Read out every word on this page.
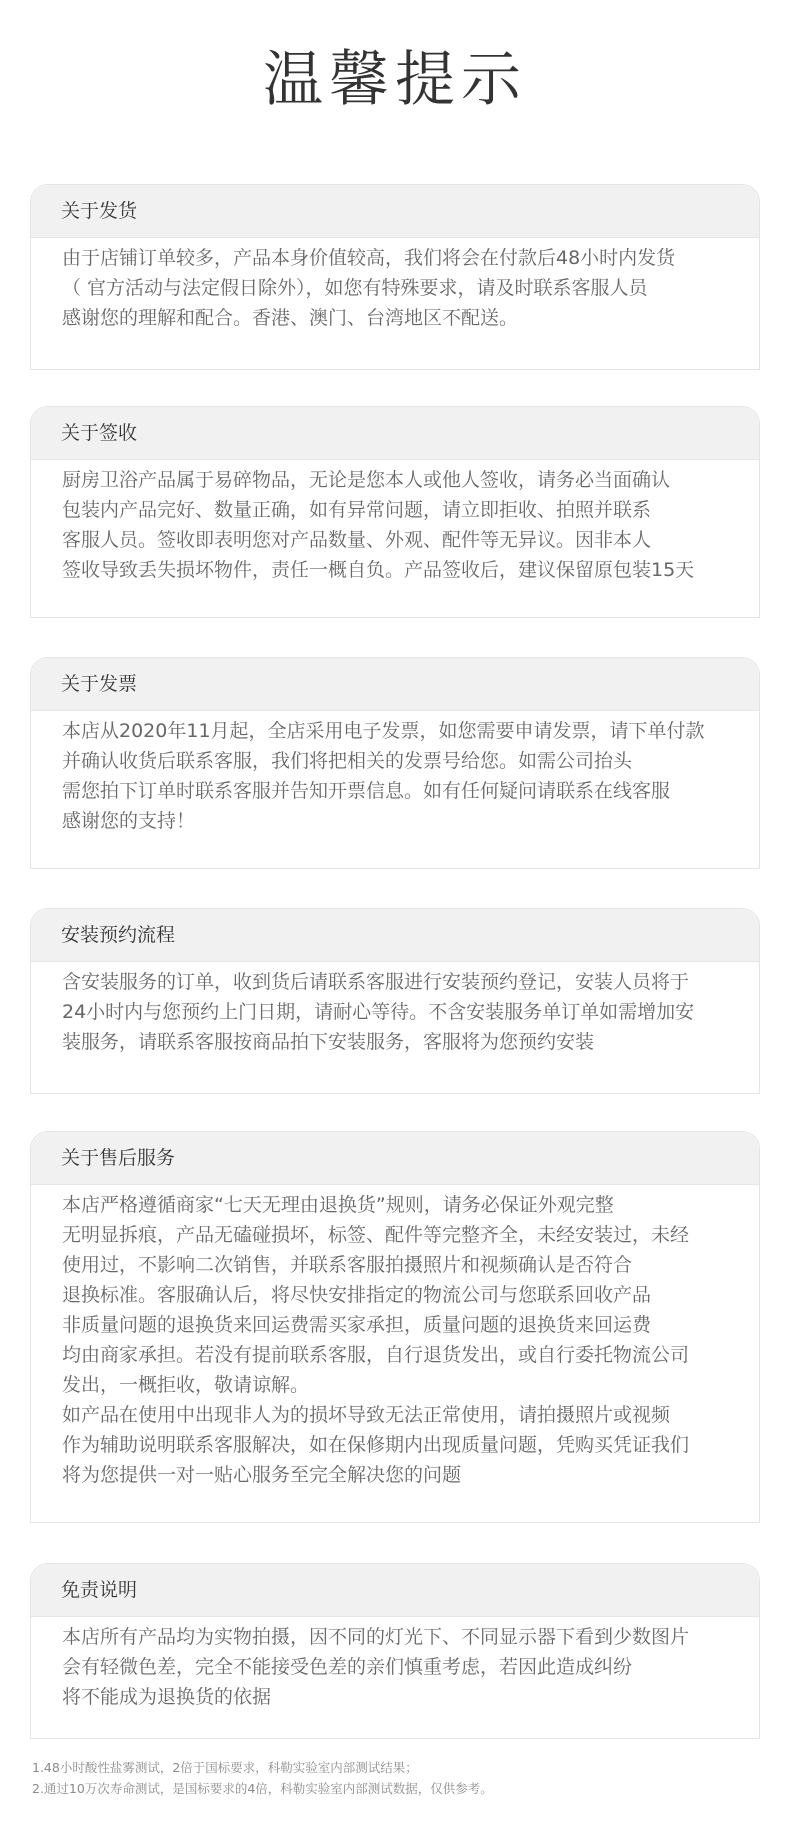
温馨提示
关于发货
由于店铺订单较多，产品本身价值较高，我们将会在付款后48小时内发货
（ 官方活动与法定假日除外），如您有特殊要求，请及时联系客服人员
感谢您的理解和配合。香港、澳门、台湾地区不配送。
关于签收
厨房卫浴产品属于易碎物品，无论是您本人或他人签收，请务必当面确认
包装内产品完好、数量正确，如有异常问题，请立即拒收、拍照并联系
客服人员。签收即表明您对产品数量、外观、配件等无异议。因非本人
签收导致丢失损坏物件，责任一概自负。产品签收后，建议保留原包装15天
关于发票
本店从2020年11月起，全店采用电子发票，如您需要申请发票，请下单付款
并确认收货后联系客服，我们将把相关的发票号给您。如需公司抬头
需您拍下订单时联系客服并告知开票信息。如有任何疑问请联系在线客服
感谢您的支持！
安装预约流程
含安装服务的订单，收到货后请联系客服进行安装预约登记，安装人员将于
24小时内与您预约上门日期，请耐心等待。不含安装服务单订单如需增加安
装服务，请联系客服按商品拍下安装服务，客服将为您预约安装
关于售后服务
本店严格遵循商家“七天无理由退换货”规则，请务必保证外观完整
无明显拆痕，产品无磕碰损坏，标签、配件等完整齐全，未经安装过，未经
使用过，不影响二次销售，并联系客服拍摄照片和视频确认是否符合
退换标准。客服确认后，将尽快安排指定的物流公司与您联系回收产品
非质量问题的退换货来回运费需买家承担，质量问题的退换货来回运费
均由商家承担。若没有提前联系客服，自行退货发出，或自行委托物流公司
发出，一概拒收，敬请谅解。
如产品在使用中出现非人为的损坏导致无法正常使用，请拍摄照片或视频
作为辅助说明联系客服解决，如在保修期内出现质量问题，凭购买凭证我们
将为您提供一对一贴心服务至完全解决您的问题
免责说明
本店所有产品均为实物拍摄，因不同的灯光下、不同显示器下看到少数图片
会有轻微色差，完全不能接受色差的亲们慎重考虑，若因此造成纠纷
将不能成为退换货的依据
1.48小时酸性盐雾测试，2倍于国标要求，科勒实验室内部测试结果；
2.通过10万次寿命测试，是国标要求的4倍，科勒实验室内部测试数据，仅供参考。
